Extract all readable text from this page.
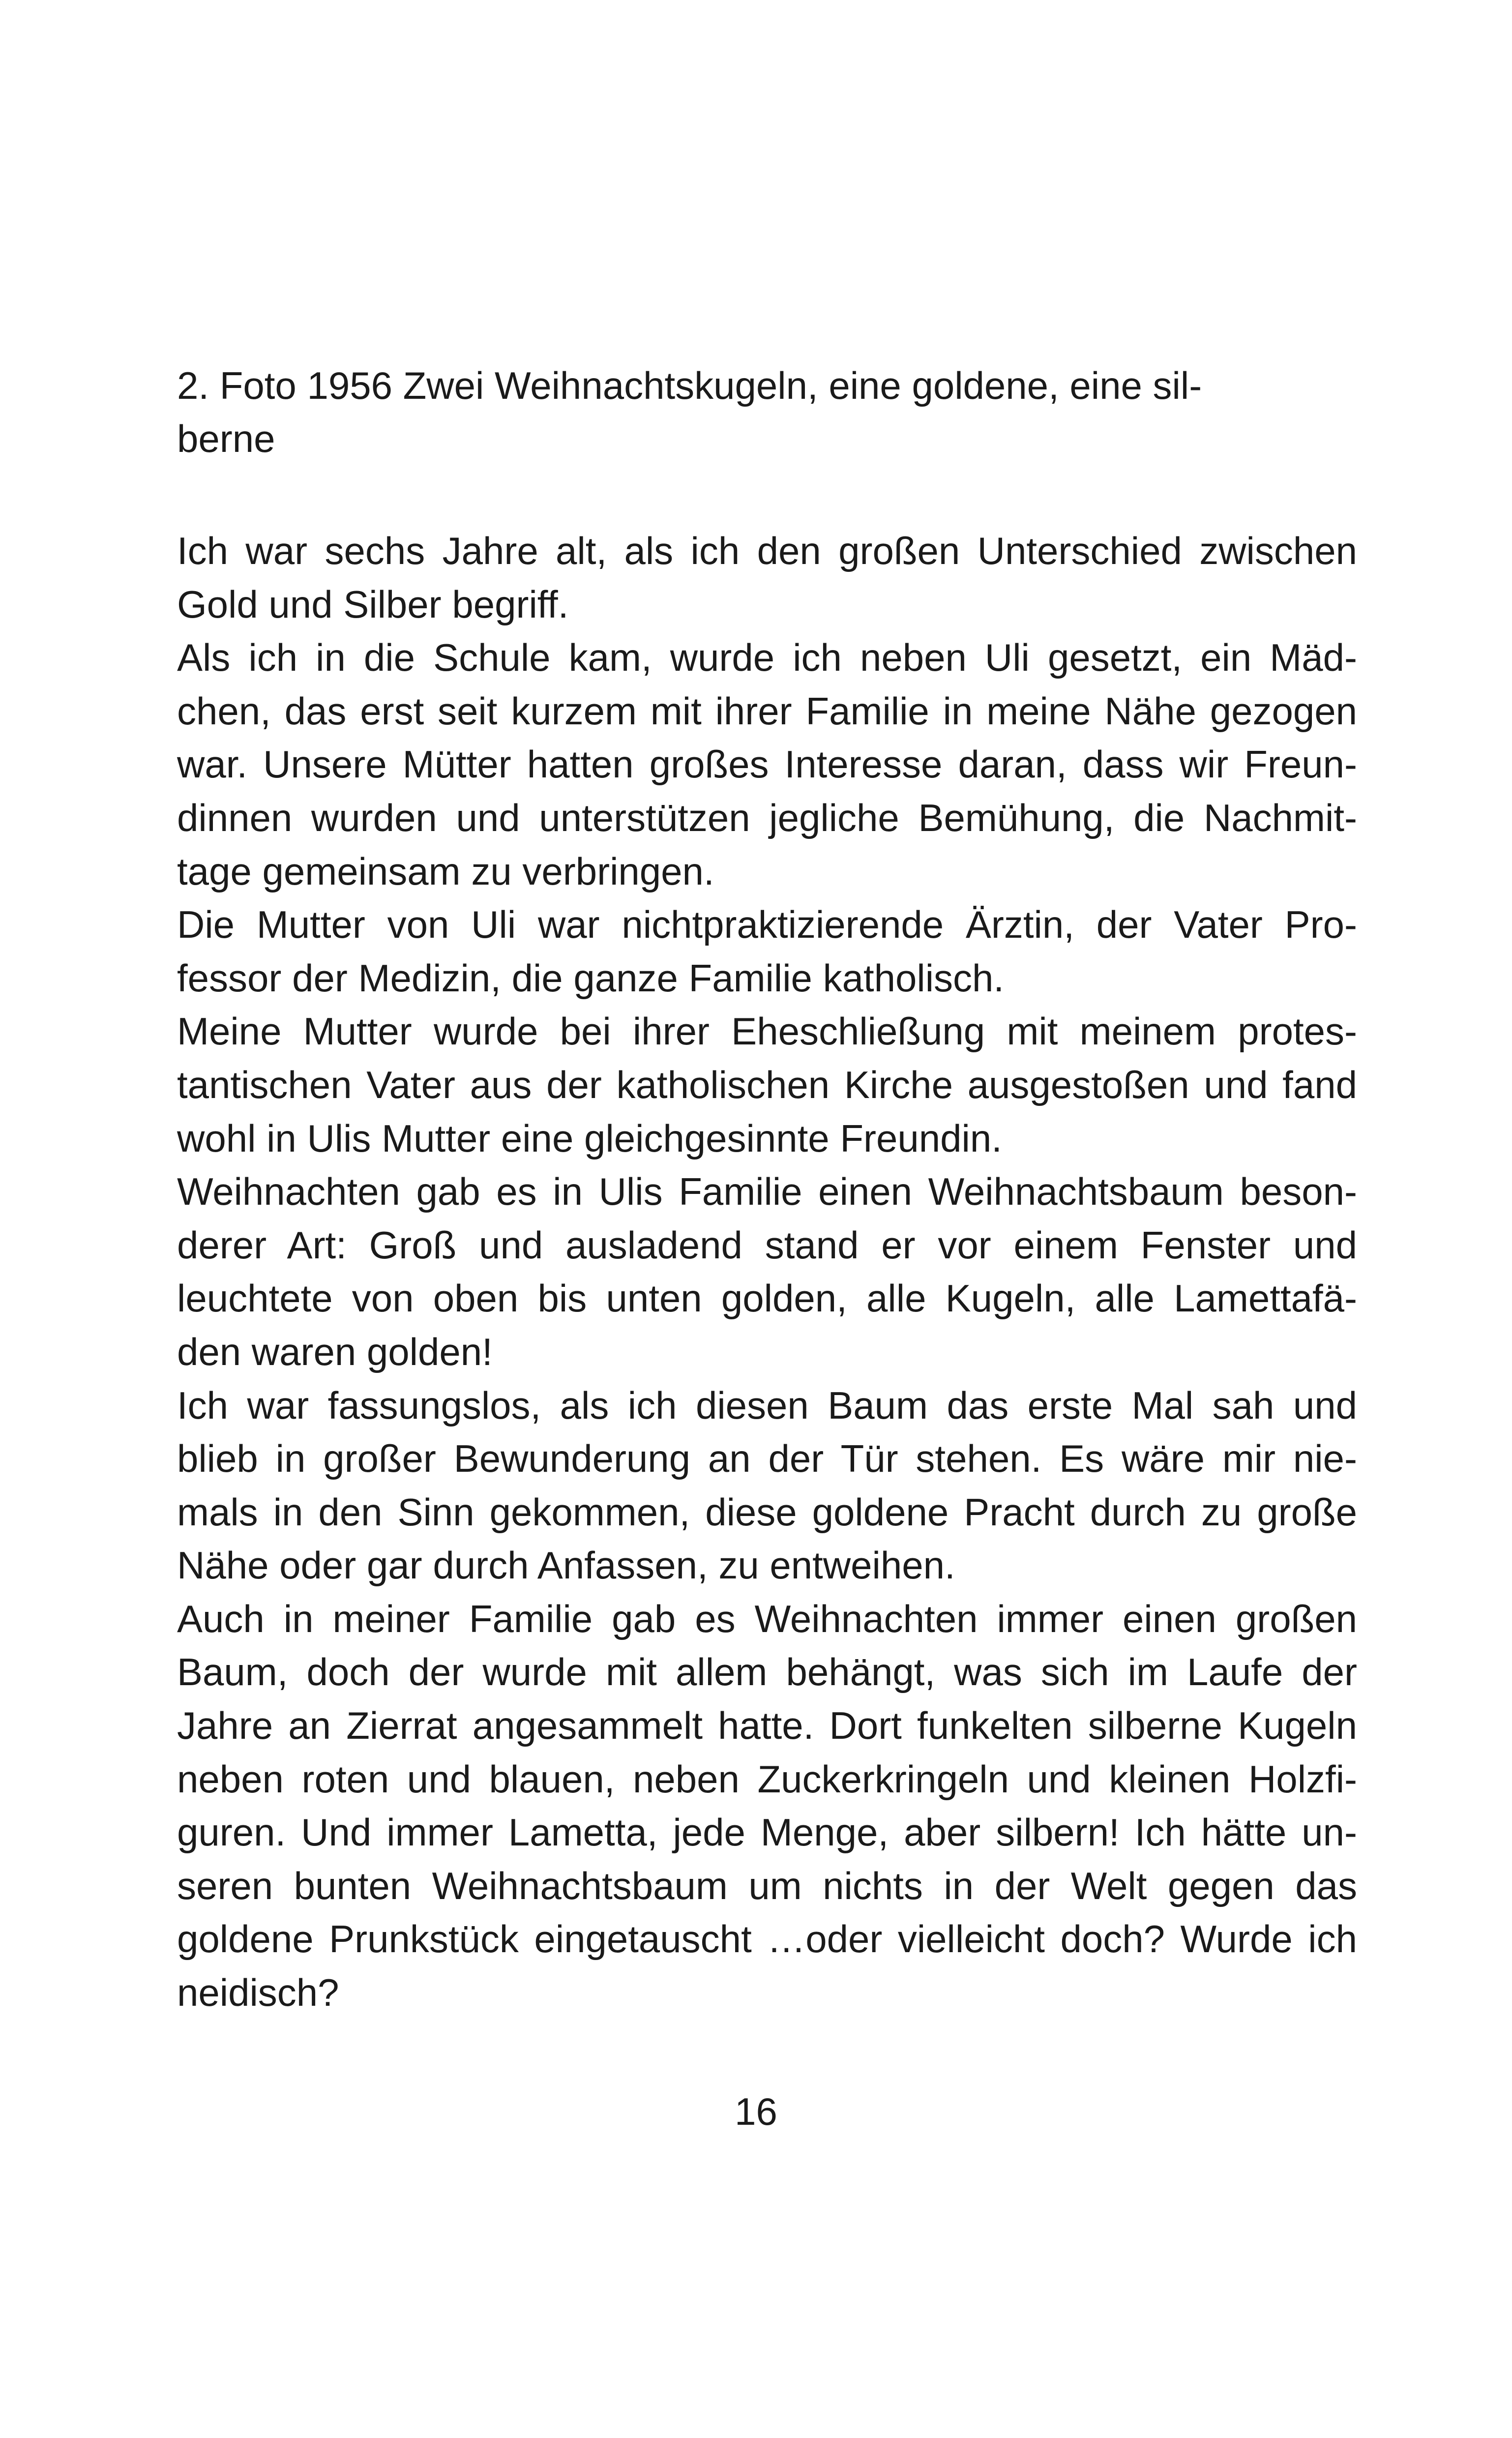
2. Foto 1956 Zwei Weihnachtskugeln, eine goldene, eine sil-
berne
Ich war sechs Jahre alt, als ich den großen Unterschied zwischen
Gold und Silber begriff.
Als ich in die Schule kam, wurde ich neben Uli gesetzt, ein Mäd-
chen, das erst seit kurzem mit ihrer Familie in meine Nähe gezogen
war. Unsere Mütter hatten großes Interesse daran, dass wir Freun-
dinnen wurden und unterstützen jegliche Bemühung, die Nachmit-
tage gemeinsam zu verbringen.
Die Mutter von Uli war nichtpraktizierende Ärztin, der Vater Pro-
fessor der Medizin, die ganze Familie katholisch.
Meine Mutter wurde bei ihrer Eheschließung mit meinem protes-
tantischen Vater aus der katholischen Kirche ausgestoßen und fand
wohl in Ulis Mutter eine gleichgesinnte Freundin.
Weihnachten gab es in Ulis Familie einen Weihnachtsbaum beson-
derer Art: Groß und ausladend stand er vor einem Fenster und
leuchtete von oben bis unten golden, alle Kugeln, alle Lamettafä-
den waren golden!
Ich war fassungslos, als ich diesen Baum das erste Mal sah und
blieb in großer Bewunderung an der Tür stehen. Es wäre mir nie-
mals in den Sinn gekommen, diese goldene Pracht durch zu große
Nähe oder gar durch Anfassen, zu entweihen.
Auch in meiner Familie gab es Weihnachten immer einen großen
Baum, doch der wurde mit allem behängt, was sich im Laufe der
Jahre an Zierrat angesammelt hatte. Dort funkelten silberne Kugeln
neben roten und blauen, neben Zuckerkringeln und kleinen Holzfi-
guren. Und immer Lametta, jede Menge, aber silbern! Ich hätte un-
seren bunten Weihnachtsbaum um nichts in der Welt gegen das
goldene Prunkstück eingetauscht …oder vielleicht doch? Wurde ich
neidisch?
16
